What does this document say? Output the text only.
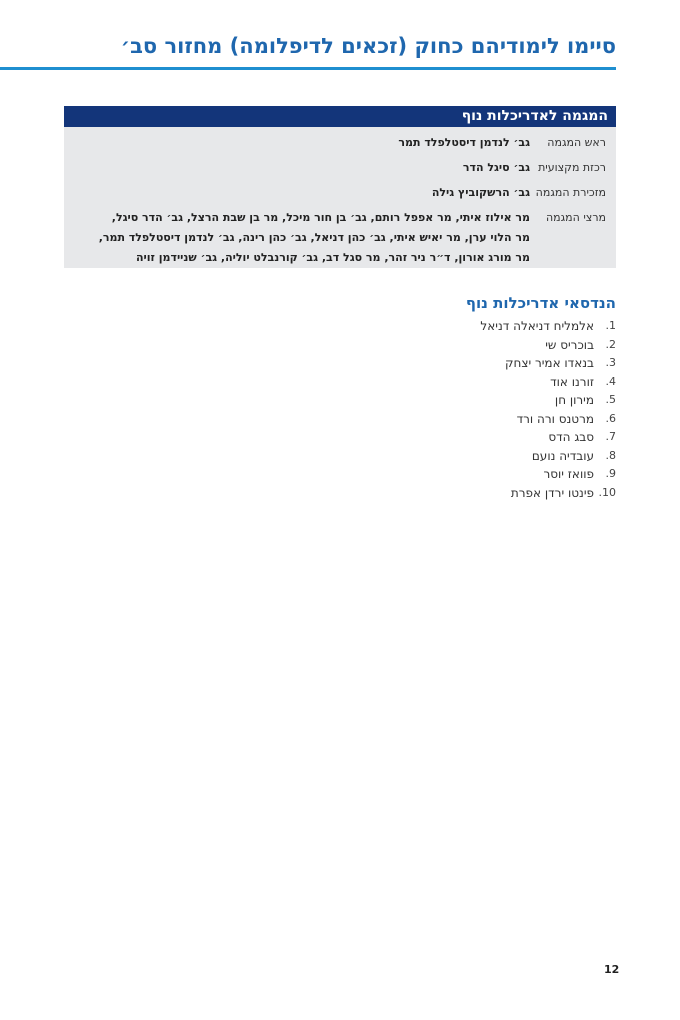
סיימו לימודיהם כחוק (זכאים לדיפלומה) מחזור סב׳
המגמה לאדריכלות נוף
ראש המגמה
גב׳ לנדמן דיסטלפלד תמר
רכזת מקצועית
גב׳ סיגל הדר
מזכירת המגמה
גב׳ הרשקוביץ גילה
מרצי המגמה
מר אילוז איתי, מר אפפל רותם, גב׳ בן חור מיכל, מר בן שבת הרצל, גב׳ הדר סיגל,
מר הלוי ערן, מר יאיש איתי, גב׳ כהן דניאל, גב׳ כהן רינה, גב׳ לנדמן דיסטלפלד תמר,
מר מורג אורון, ד״ר ניר זהר, מר סגל דב, גב׳ קורנבלט יוליה, גב׳ שניידמן זויה
הנדסאי אדריכלות נוף
1.
אלמליח דניאלה דניאל
2.
בוכריס שי
3.
בנאדו אמיר יצחק
4.
זורנו אוד
5.
מירון חן
6.
מרטנס ורה ורד
7.
סבג הדס
8.
עובדיה נועם
9.
פוואז יוסר
10.
פינטו ירדן אפרת
12
